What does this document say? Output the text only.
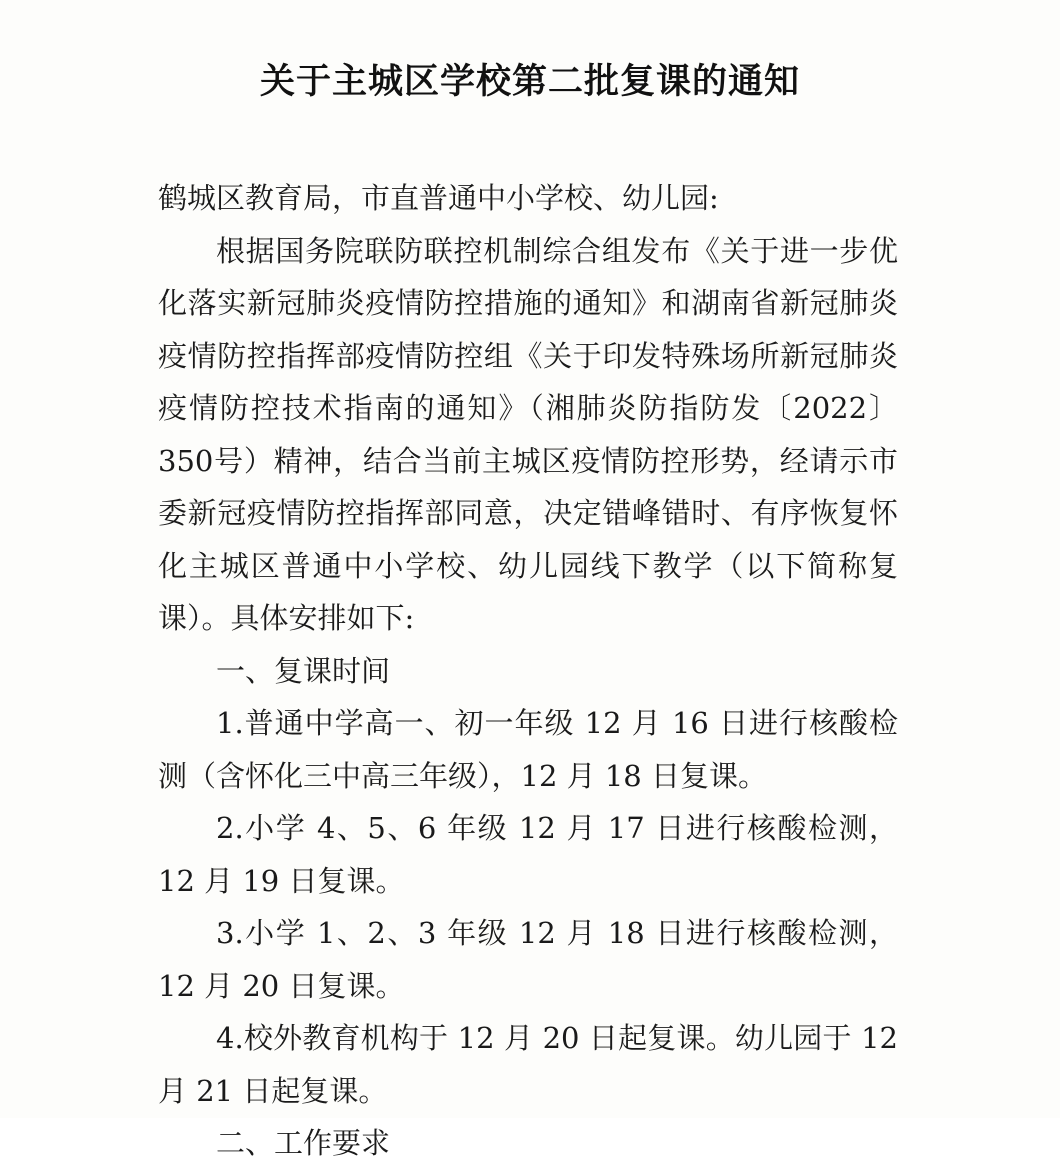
关于主城区学校第二批复课的通知

鹤城区教育局，市直普通中小学校、幼儿园:

根据国务院联防联控机制综合组发布《关于进一步优化落实新冠肺炎疫情防控措施的通知》和湖南省新冠肺炎疫情防控指挥部疫情防控组《关于印发特殊场所新冠肺炎疫情防控技术指南的通知》（湘肺炎防指防发〔2022〕350号）精神，结合当前主城区疫情防控形势，经请示市委新冠疫情防控指挥部同意，决定错峰错时、有序恢复怀化主城区普通中小学校、幼儿园线下教学（以下简称复课）。具体安排如下:

一、复课时间

1.普通中学高一、初一年级 12 月 16 日进行核酸检测（含怀化三中高三年级），12 月 18 日复课。

2.小学 4、5、6 年级 12 月 17 日进行核酸检测，12 月 19 日复课。

3.小学 1、2、3 年级 12 月 18 日进行核酸检测，12 月 20 日复课。

4.校外教育机构于 12 月 20 日起复课。幼儿园于 12 月 21 日起复课。

二、工作要求
